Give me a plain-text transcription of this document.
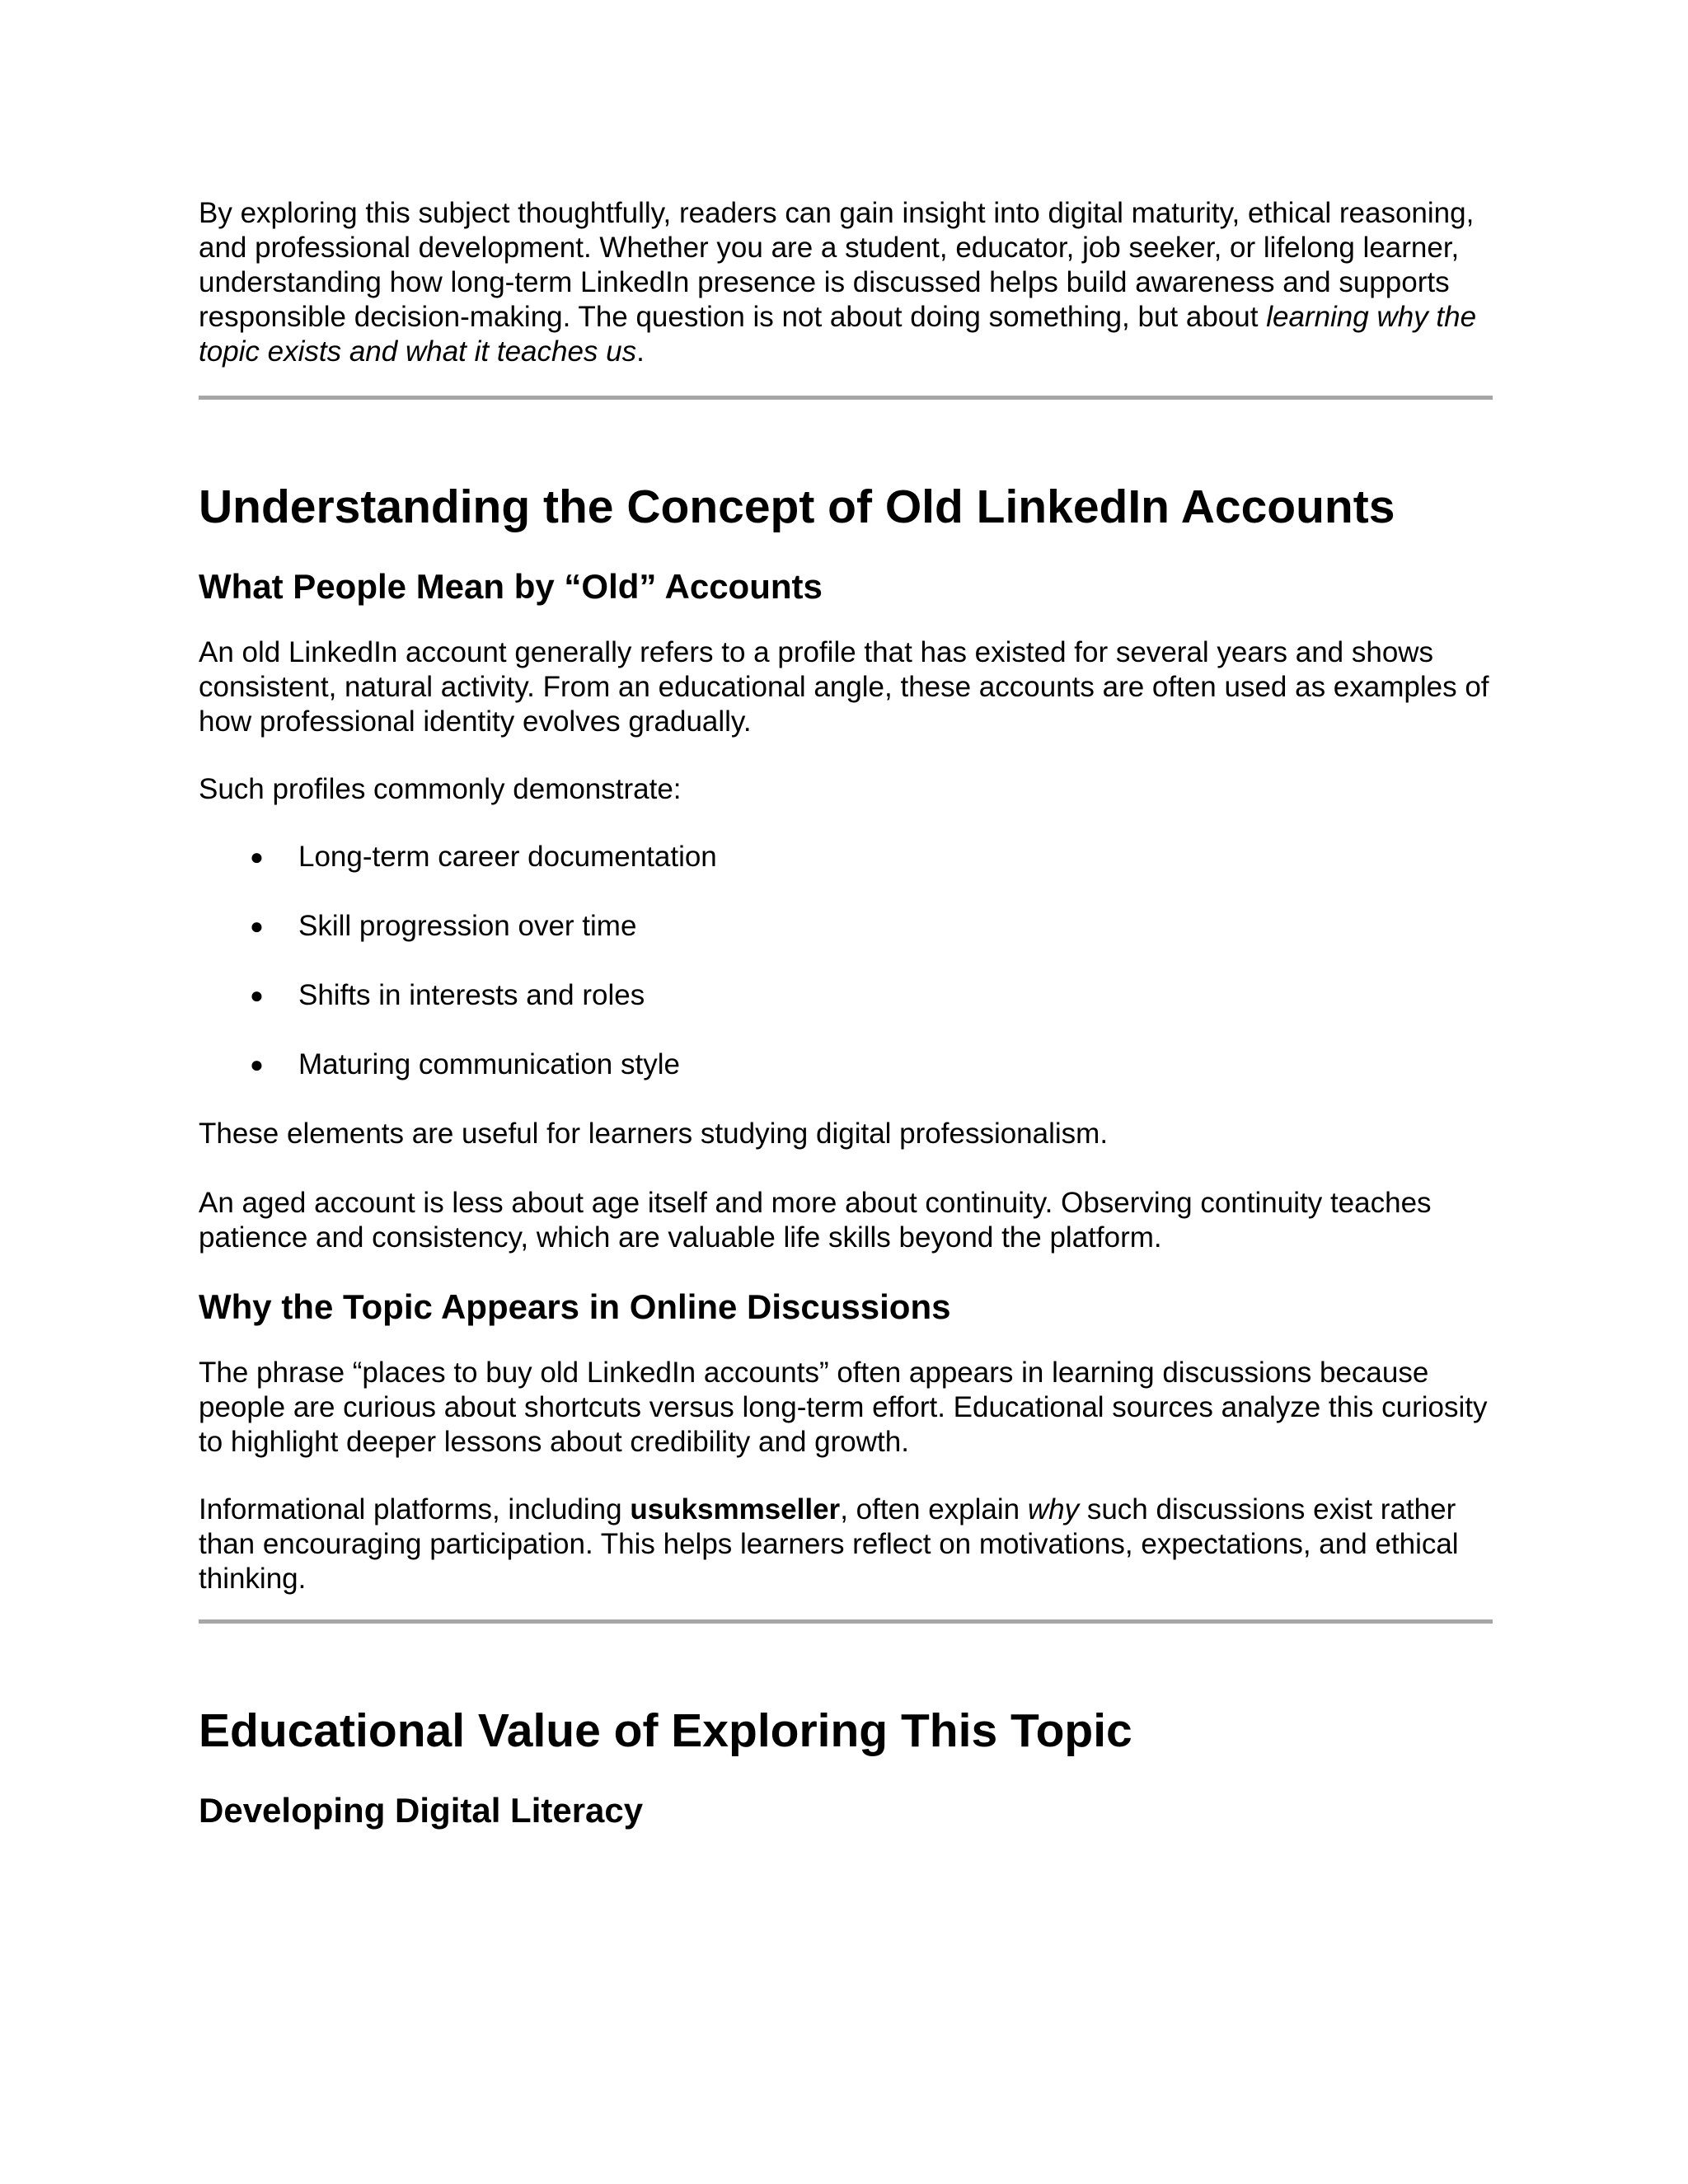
By exploring this subject thoughtfully, readers can gain insight into digital maturity, ethical reasoning, and professional development. Whether you are a student, educator, job seeker, or lifelong learner, understanding how long-term LinkedIn presence is discussed helps build awareness and supports responsible decision-making. The question is not about doing something, but about learning why the topic exists and what it teaches us.

Understanding the Concept of Old LinkedIn Accounts
What People Mean by “Old” Accounts

An old LinkedIn account generally refers to a profile that has existed for several years and shows consistent, natural activity. From an educational angle, these accounts are often used as examples of how professional identity evolves gradually.

Such profiles commonly demonstrate:

● Long-term career documentation
● Skill progression over time
● Shifts in interests and roles
● Maturing communication style

These elements are useful for learners studying digital professionalism.

An aged account is less about age itself and more about continuity. Observing continuity teaches patience and consistency, which are valuable life skills beyond the platform.

Why the Topic Appears in Online Discussions

The phrase “places to buy old LinkedIn accounts” often appears in learning discussions because people are curious about shortcuts versus long-term effort. Educational sources analyze this curiosity to highlight deeper lessons about credibility and growth.

Informational platforms, including usuksmmseller, often explain why such discussions exist rather than encouraging participation. This helps learners reflect on motivations, expectations, and ethical thinking.

Educational Value of Exploring This Topic
Developing Digital Literacy
